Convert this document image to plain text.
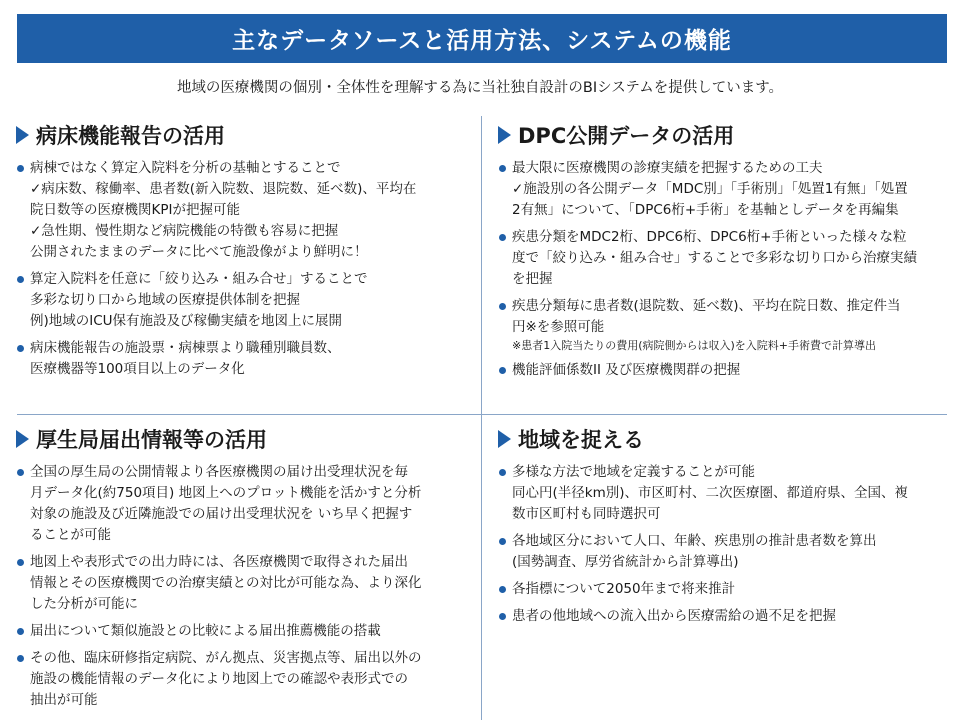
主なデータソースと活用方法、システムの機能
地域の医療機関の個別・全体性を理解する為に当社独自設計のBIシステムを提供しています。
病床機能報告の活用
病棟ではなく算定入院料を分析の基軸とすることで
✓病床数、稼働率、患者数(新入院数、退院数、延べ数)、平均在
院日数等の医療機関KPIが把握可能
✓急性期、慢性期など病院機能の特徴も容易に把握
公開されたままのデータに比べて施設像がより鮮明に！
算定入院料を任意に「絞り込み・組み合せ」することで
多彩な切り口から地域の医療提供体制を把握
例)地域のICU保有施設及び稼働実績を地図上に展開
病床機能報告の施設票・病棟票より職種別職員数、
医療機器等100項目以上のデータ化
DPC公開データの活用
最大限に医療機関の診療実績を把握するための工夫
✓施設別の各公開データ「MDC別」「手術別」「処置1有無」「処置
2有無」について、「DPC6桁+手術」を基軸としデータを再編集
疾患分類をMDC2桁、DPC6桁、DPC6桁+手術といった様々な粒
度で「絞り込み・組み合せ」することで多彩な切り口から治療実績
を把握
疾患分類毎に患者数(退院数、延べ数)、平均在院日数、推定件当
円※を参照可能
※患者1入院当たりの費用(病院側からは収入)を入院料+手術費で計算導出
機能評価係数II 及び医療機関群の把握
厚生局届出情報等の活用
全国の厚生局の公開情報より各医療機関の届け出受理状況を毎
月データ化(約750項目) 地図上へのプロット機能を活かすと分析
対象の施設及び近隣施設での届け出受理状況を いち早く把握す
ることが可能
地図上や表形式での出力時には、各医療機関で取得された届出
情報とその医療機関での治療実績との対比が可能な為、より深化
した分析が可能に
届出について類似施設との比較による届出推薦機能の搭載
その他、臨床研修指定病院、がん拠点、災害拠点等、届出以外の
施設の機能情報のデータ化により地図上での確認や表形式での
抽出が可能
地域を捉える
多様な方法で地域を定義することが可能
同心円(半径km別)、市区町村、二次医療圏、都道府県、全国、複
数市区町村も同時選択可
各地域区分において人口、年齢、疾患別の推計患者数を算出
(国勢調査、厚労省統計から計算導出)
各指標について2050年まで将来推計
患者の他地域への流入出から医療需給の過不足を把握
